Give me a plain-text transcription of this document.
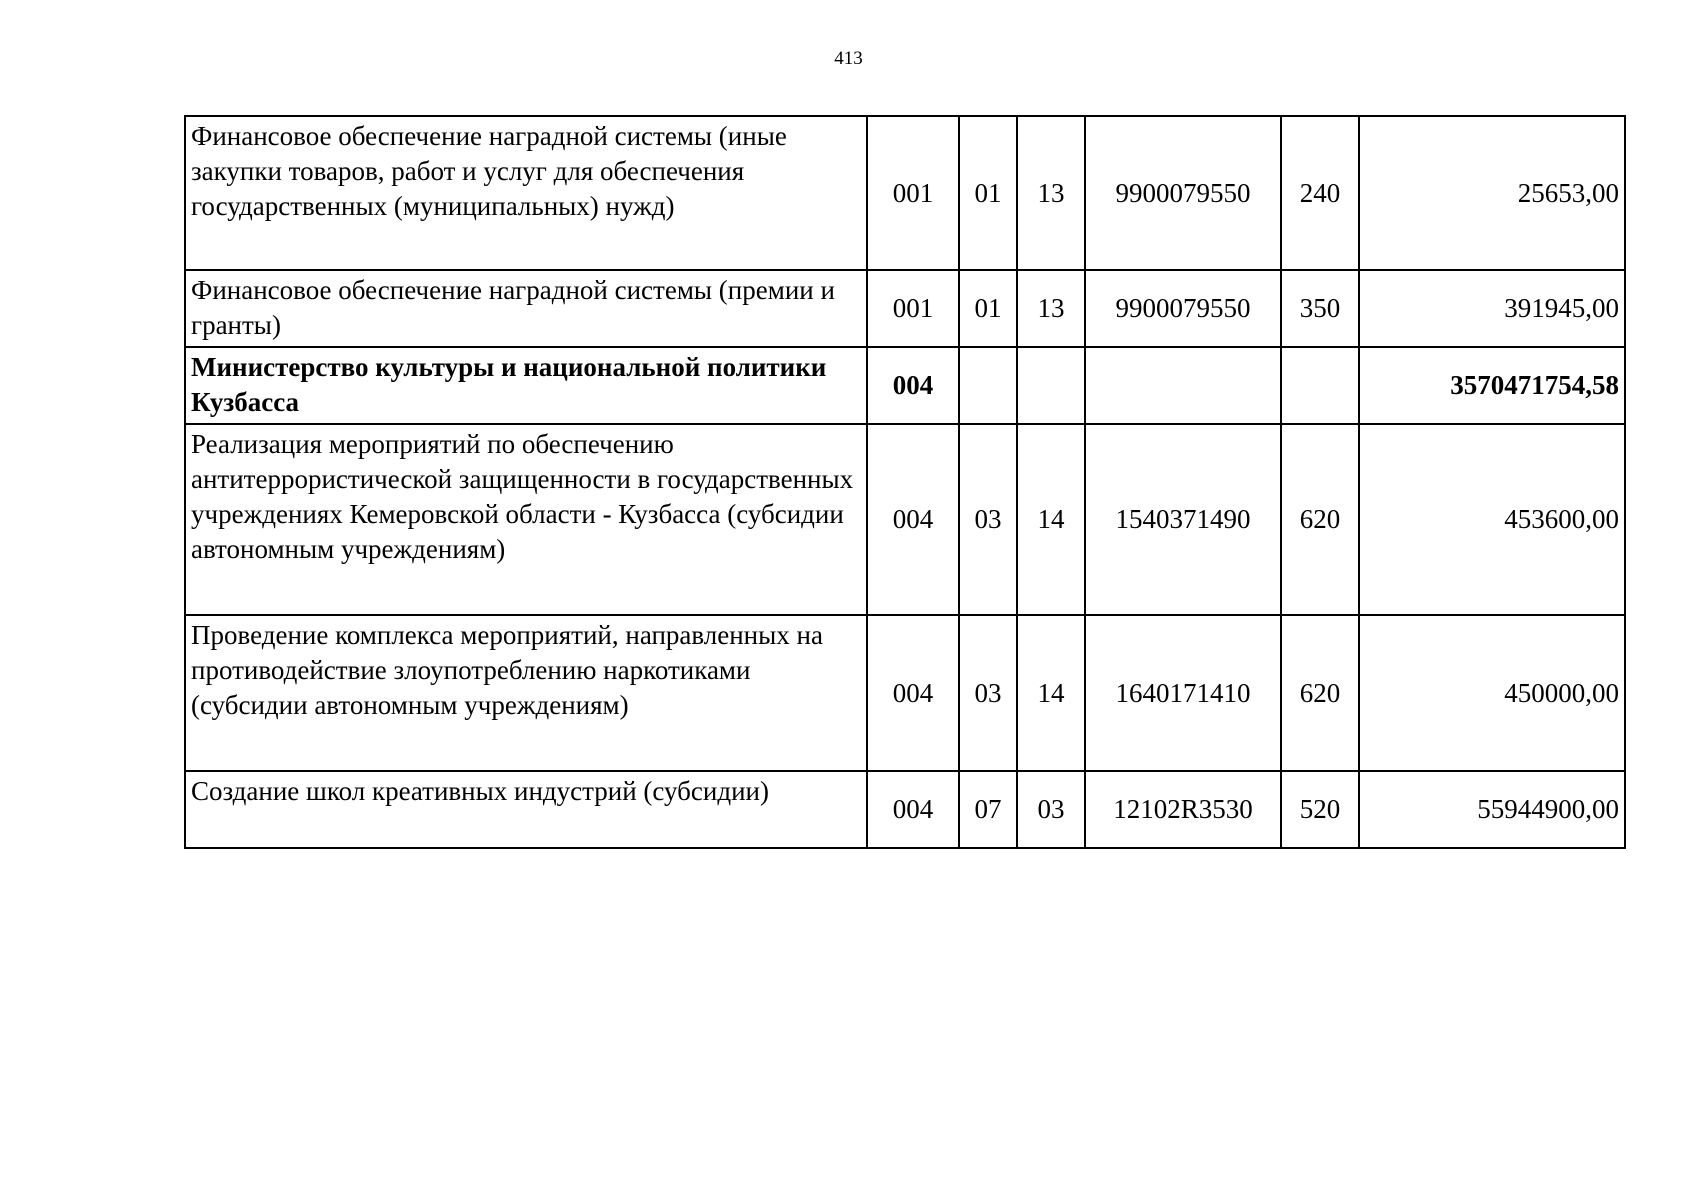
413
Финансовое обеспечение наградной системы (иные закупки товаров, работ и услуг для обеспечения государственных (муниципальных) нужд)	001	01	13	9900079550	240	25653,00
Финансовое обеспечение наградной системы (премии и гранты)	001	01	13	9900079550	350	391945,00
Министерство культуры и национальной политики Кузбасса	004					3570471754,58
Реализация мероприятий по обеспечению антитеррористической защищенности в государственных учреждениях Кемеровской области - Кузбасса (субсидии автономным учреждениям)	004	03	14	1540371490	620	453600,00
Проведение комплекса мероприятий, направленных на противодействие злоупотреблению наркотиками (субсидии автономным учреждениям)	004	03	14	1640171410	620	450000,00
Создание школ креативных индустрий (субсидии)	004	07	03	12102R3530	520	55944900,00
